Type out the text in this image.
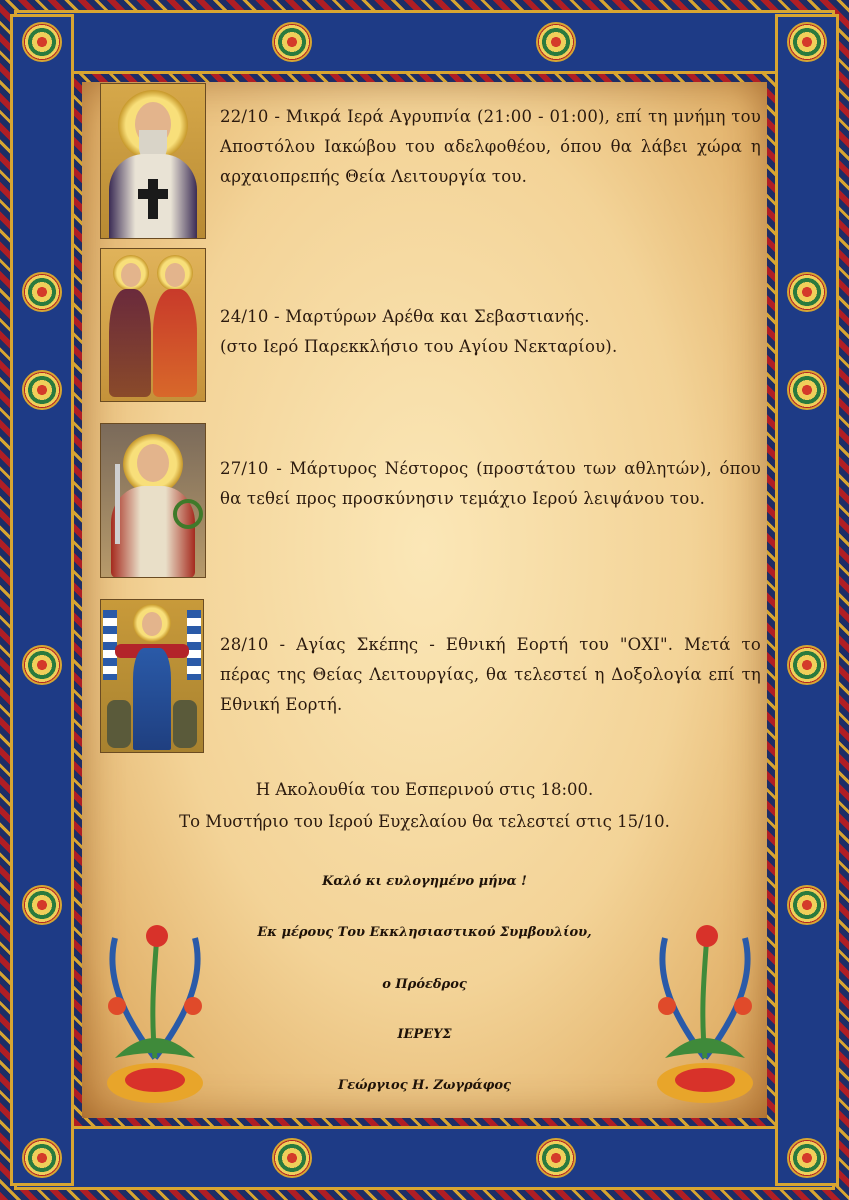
22/10 - Μικρά Ιερά Αγρυπνία (21:00 - 01:00), επί τη μνήμη του Αποστόλου Ιακώβου του αδελφοθέου, όπου θα λάβει χώρα η αρχαιοπρεπής Θεία Λειτουργία του.
24/10 - Μαρτύρων Αρέθα και Σεβαστιανής.
(στο Ιερό Παρεκκλήσιο του Αγίου Νεκταρίου).
27/10 - Μάρτυρος Νέστορος (προστάτου των αθλητών), όπου θα τεθεί προς προσκύνησιν τεμάχιο Ιερού λειψάνου του.
28/10 - Αγίας Σκέπης - Εθνική Εορτή του "ΟΧΙ". Μετά το πέρας της Θείας Λειτουργίας, θα τελεστεί η Δοξολογία επί τη Εθνική Εορτή.
Η Ακολουθία του Εσπερινού στις 18:00.
Το Μυστήριο του Ιερού Ευχελαίου θα τελεστεί στις 15/10.
Καλό κι ευλογημένο μήνα !
Εκ μέρους Του Εκκλησιαστικού Συμβουλίου,
ο Πρόεδρος
ΙΕΡΕΥΣ
Γεώργιος Η. Ζωγράφος
